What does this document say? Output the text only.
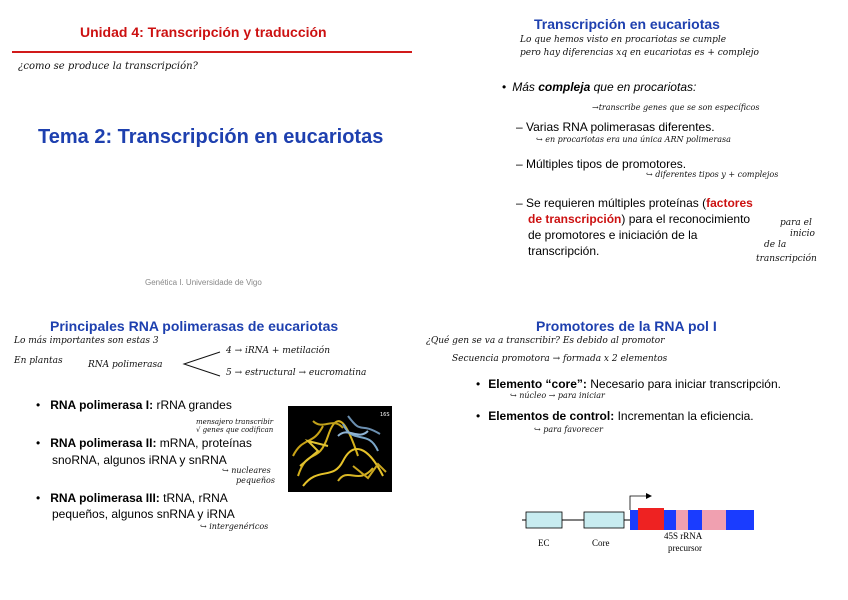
Unidad 4: Transcripción y traducción
¿como se produce la transcripción?
Tema 2: Transcripción en eucariotas
Genética I. Universidade de Vigo
Transcripción en eucariotas
Lo que hemos visto en procariotas se cumple
pero hay diferencias xq en eucariotas es + complejo
• Más compleja que en procariotas:
→transcribe genes que se son específicos
– Varias RNA polimerasas diferentes.
↪ en procariotas era una única ARN polimerasa
– Múltiples tipos de promotores.
↪ diferentes tipos y + complejos
– Se requieren múltiples proteínas (factores
de transcripción) para el reconocimiento
de promotores e iniciación de la
transcripción.
para el
inicio
de la
transcripción
Principales RNA polimerasas de eucariotas
Lo más importantes son estas 3
En plantas	RNA polimerasa
4 → iRNA + metilación
5 → estructural → eucromatina
• RNA polimerasa I: rRNA grandes
mensajero transcribir
√ genes que codifican
• RNA polimerasa II: mRNA, proteínas
snoRNA, algunos iRNA y snRNA
↪ nucleares
pequeños
• RNA polimerasa III: tRNA, rRNA
pequeños, algunos snRNA y iRNA
↪ intergenéricos
16S
Promotores de la RNA pol I
¿Qué gen se va a transcribir? Es debido al promotor
Secuencia promotora → formada x 2 elementos
• Elemento “core”: Necesario para iniciar transcripción.
↪ núcleo → para iniciar
• Elementos de control: Incrementan la eficiencia.
↪ para favorecer
EC	Core
45S rRNA
precursor
